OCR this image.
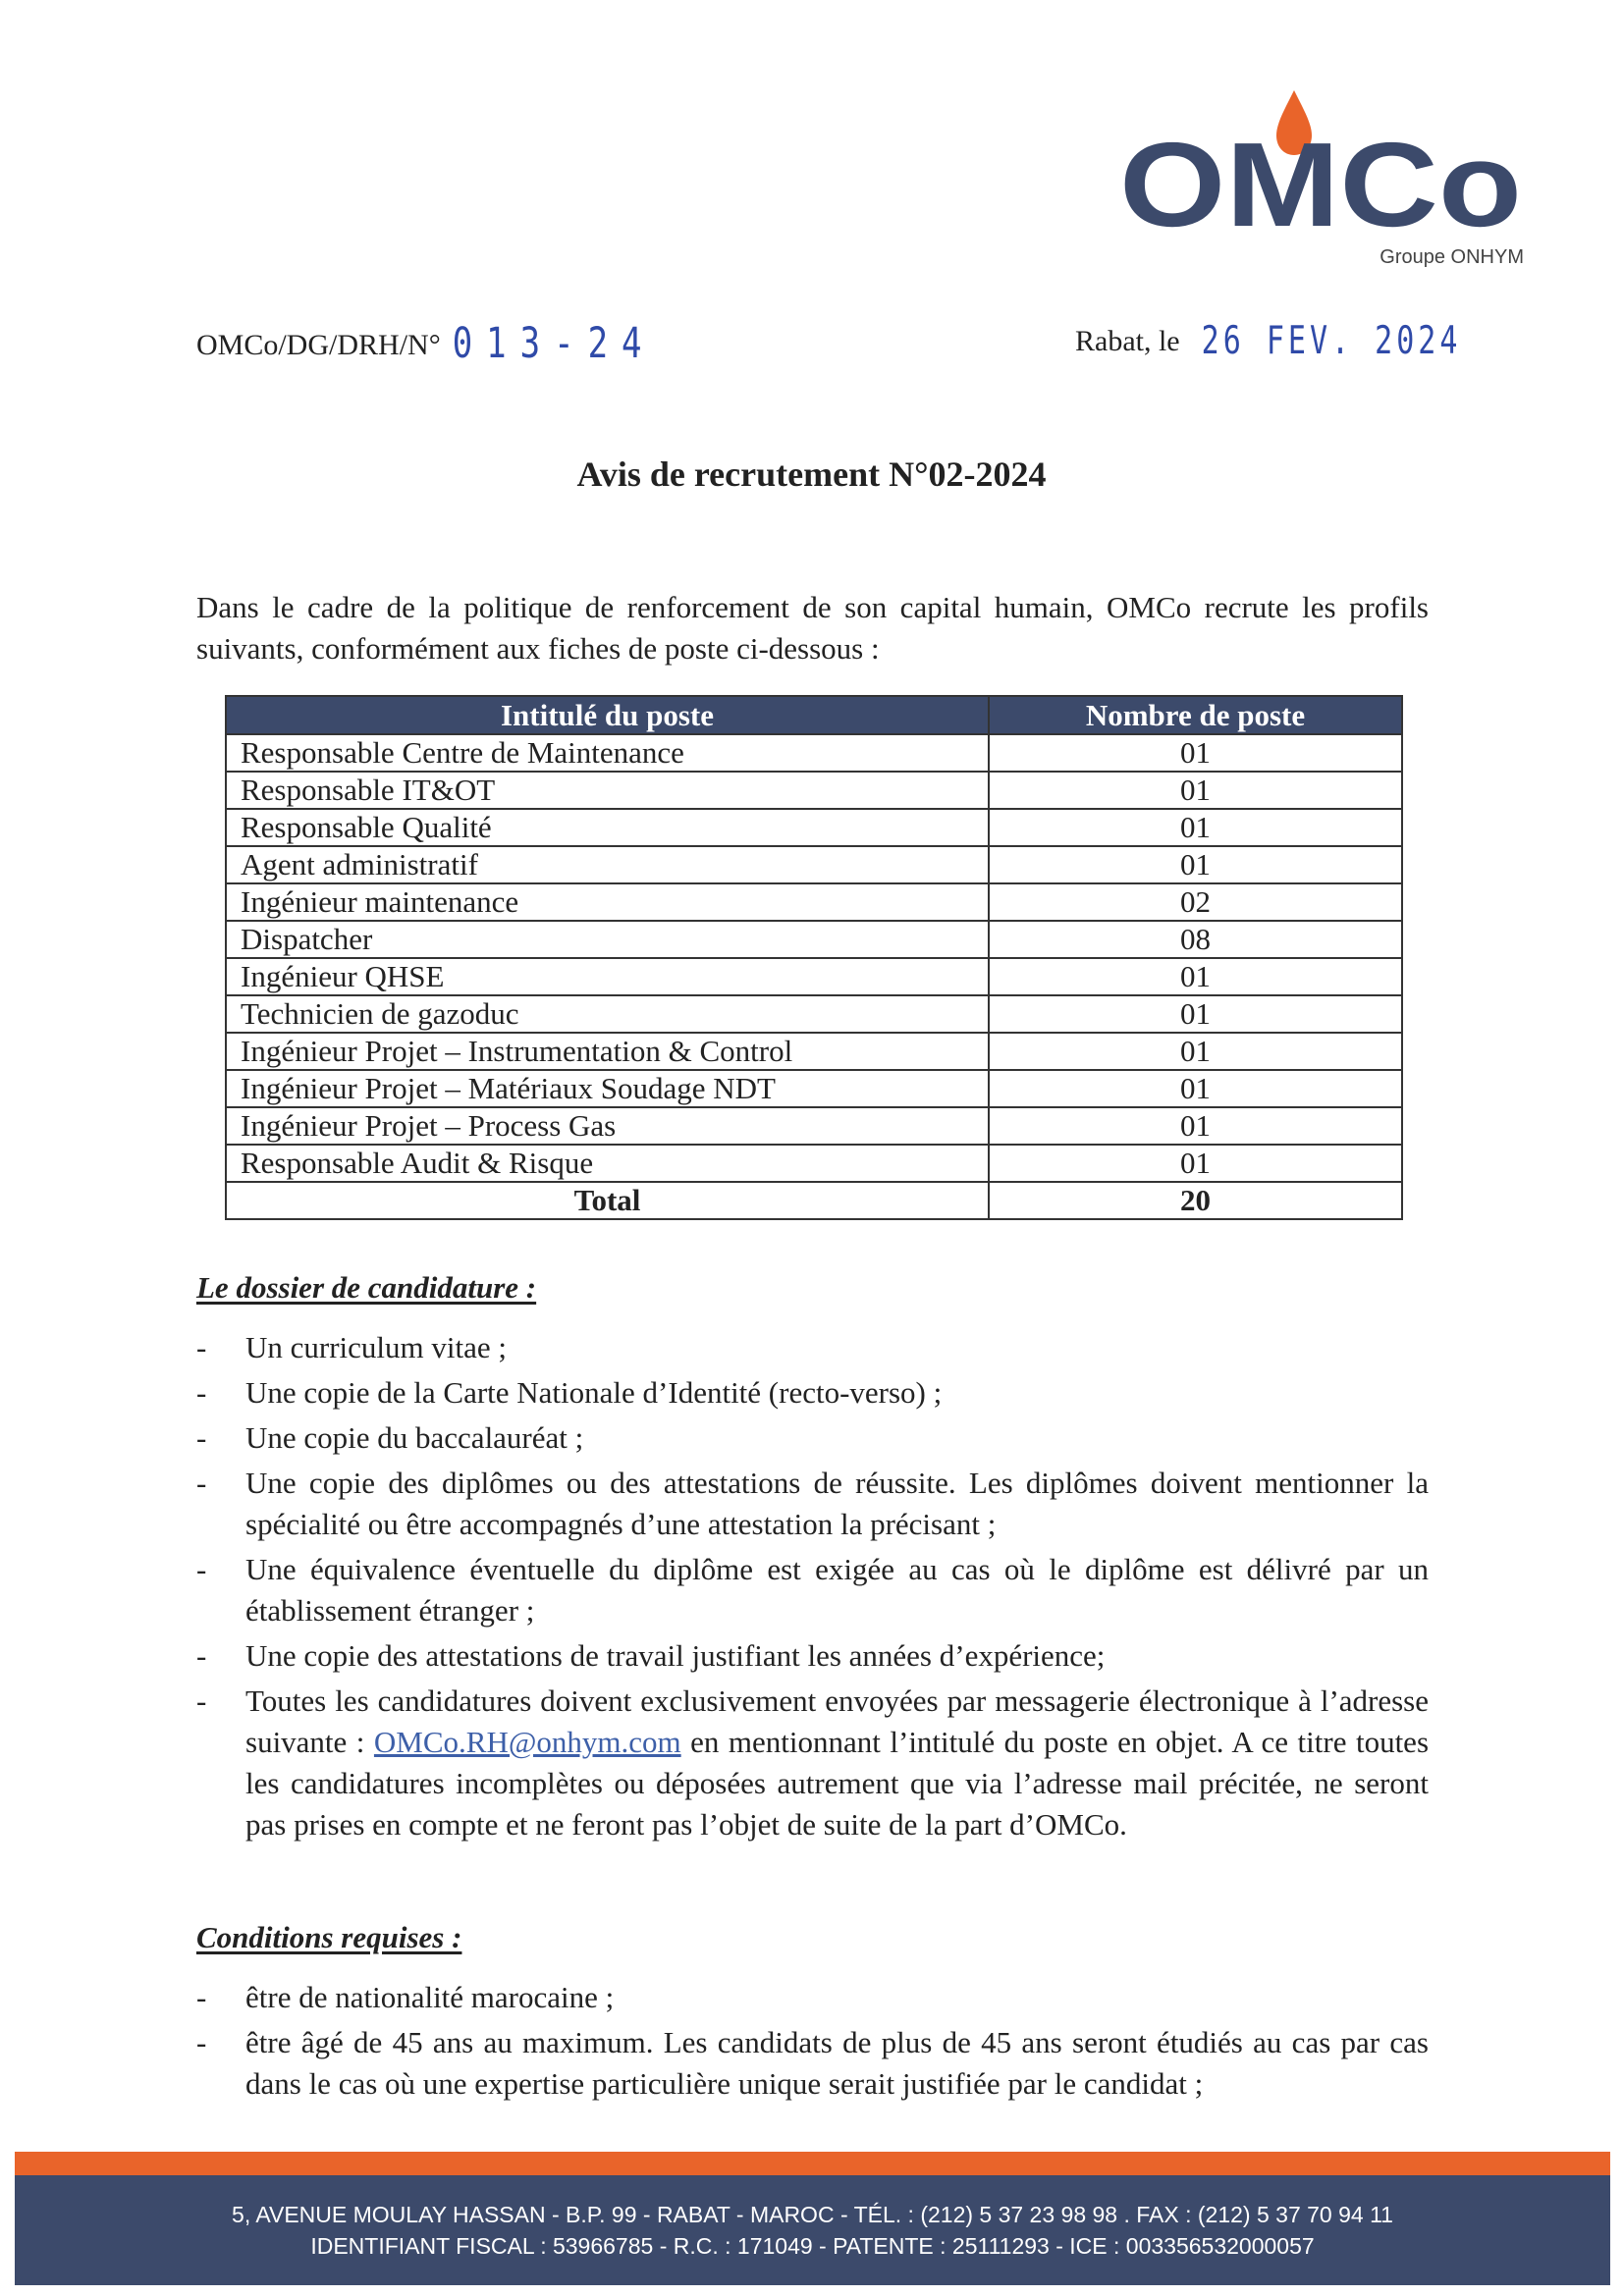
OMCo
Groupe ONHYM
OMCo/DG/DRH/N° 013-24	Rabat, le 26 FEV. 2024
Avis de recrutement N°02-2024
Dans le cadre de la politique de renforcement de son capital humain, OMCo recrute les profils suivants, conformément aux fiches de poste ci-dessous :
Intitulé du poste	Nombre de poste
Responsable Centre de Maintenance	01
Responsable IT&OT	01
Responsable Qualité	01
Agent administratif	01
Ingénieur maintenance	02
Dispatcher	08
Ingénieur QHSE	01
Technicien de gazoduc	01
Ingénieur Projet – Instrumentation & Control	01
Ingénieur Projet – Matériaux Soudage NDT	01
Ingénieur Projet – Process Gas	01
Responsable Audit & Risque	01
Total	20
Le dossier de candidature :
- Un curriculum vitae ;
- Une copie de la Carte Nationale d’Identité (recto-verso) ;
- Une copie du baccalauréat ;
- Une copie des diplômes ou des attestations de réussite. Les diplômes doivent mentionner la spécialité ou être accompagnés d’une attestation la précisant ;
- Une équivalence éventuelle du diplôme est exigée au cas où le diplôme est délivré par un établissement étranger ;
- Une copie des attestations de travail justifiant les années d’expérience;
- Toutes les candidatures doivent exclusivement envoyées par messagerie électronique à l’adresse suivante : OMCo.RH@onhym.com en mentionnant l’intitulé du poste en objet. A ce titre toutes les candidatures incomplètes ou déposées autrement que via l’adresse mail précitée, ne seront pas prises en compte et ne feront pas l’objet de suite de la part d’OMCo.
Conditions requises :
- être de nationalité marocaine ;
- être âgé de 45 ans au maximum. Les candidats de plus de 45 ans seront étudiés au cas par cas dans le cas où une expertise particulière unique serait justifiée par le candidat ;
5, AVENUE MOULAY HASSAN - B.P. 99 - RABAT - MAROC - TÉL. : (212) 5 37 23 98 98 . FAX : (212) 5 37 70 94 11
IDENTIFIANT FISCAL : 53966785 - R.C. : 171049 - PATENTE : 25111293 - ICE : 003356532000057
